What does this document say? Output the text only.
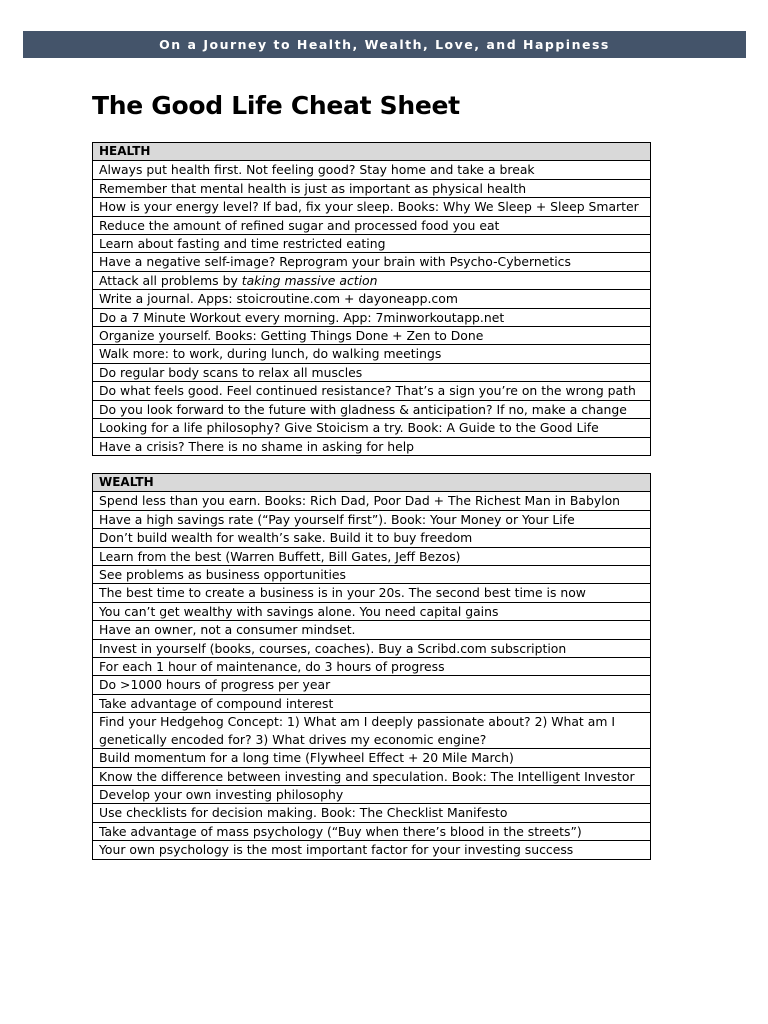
On a Journey to Health, Wealth, Love, and Happiness
The Good Life Cheat Sheet
HEALTH
Always put health first. Not feeling good? Stay home and take a break
Remember that mental health is just as important as physical health
How is your energy level? If bad, fix your sleep. Books: Why We Sleep + Sleep Smarter
Reduce the amount of refined sugar and processed food you eat
Learn about fasting and time restricted eating
Have a negative self-image? Reprogram your brain with Psycho-Cybernetics
Attack all problems by taking massive action
Write a journal. Apps: stoicroutine.com + dayoneapp.com
Do a 7 Minute Workout every morning. App: 7minworkoutapp.net
Organize yourself. Books: Getting Things Done + Zen to Done
Walk more: to work, during lunch, do walking meetings
Do regular body scans to relax all muscles
Do what feels good. Feel continued resistance? That’s a sign you’re on the wrong path
Do you look forward to the future with gladness & anticipation? If no, make a change
Looking for a life philosophy? Give Stoicism a try. Book: A Guide to the Good Life
Have a crisis? There is no shame in asking for help
WEALTH
Spend less than you earn. Books: Rich Dad, Poor Dad + The Richest Man in Babylon
Have a high savings rate (“Pay yourself first”). Book: Your Money or Your Life
Don’t build wealth for wealth’s sake. Build it to buy freedom
Learn from the best (Warren Buffett, Bill Gates, Jeff Bezos)
See problems as business opportunities
The best time to create a business is in your 20s. The second best time is now
You can’t get wealthy with savings alone. You need capital gains
Have an owner, not a consumer mindset.
Invest in yourself (books, courses, coaches). Buy a Scribd.com subscription
For each 1 hour of maintenance, do 3 hours of progress
Do >1000 hours of progress per year
Take advantage of compound interest
Find your Hedgehog Concept: 1) What am I deeply passionate about? 2) What am I genetically encoded for? 3) What drives my economic engine?
Build momentum for a long time (Flywheel Effect + 20 Mile March)
Know the difference between investing and speculation. Book: The Intelligent Investor
Develop your own investing philosophy
Use checklists for decision making. Book: The Checklist Manifesto
Take advantage of mass psychology (“Buy when there’s blood in the streets”)
Your own psychology is the most important factor for your investing success
